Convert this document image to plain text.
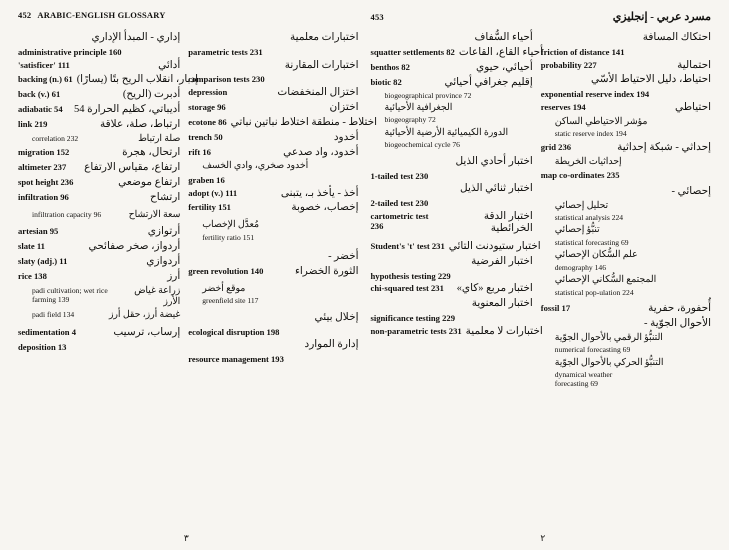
452 ARABIC-ENGLISH GLOSSARY
إداري - المبدأ الإداري
administrative principle 160
'satisficer' 111	أدائي
backing (n.) 61 إدبار، انقلاب الريح بتًا (يسارًا)
back (v.) 61	أدبرت (الريح)
adiabatic 54	أديباتي، كظيم الحرارة 54
link 219	ارتباط، صلة، علاقة
correlation 232	صلة ارتباط
migration 152	ارتحال، هجرة
altimeter 237	ارتفاع، مقياس الارتفاع
spot height 236	ارتفاع موضعي
infiltration 96	ارتشاح
infiltration capacity 96	سعة الارتشاح
artesian 95	أرتوازي
slate 11	أردواز، صخر صفائحي
slaty (adj.) 11	أردوازي
rice 138	أرز
padi cultivation; wet rice farming 139
زراعة غياض الأرز
padi field 134	غيضة أرز، حقل أرز
sedimentation 4	إرساب، ترسيب
deposition 13
اختبارات معلمية
parametric tests 231
اختبارات المقارنة
comparison tests 230
depression	اختزال المنخفضات
storage 96	اختزان
ecotone 86 اختلاط - منطقة اختلاط نباتين نباتي
trench 50	أخدود
rift 16	أخدود، واد صدعي
أخدود صخري، وادي الخسف
graben 16
adopt (v.) 111	أخذ - يأخذ بـ، يتبنى
fertility 151	إخصاب، خصوبة
مُعدَّل الإخصاب
fertility ratio 151
أخضر -
green revolution 140	الثورة الخضراء
موقع أخضر
greenfield site 117
إخلال بيئي
ecological disruption 198
إدارة الموارد
resource management 193
453	مسرد عربي - إنجليزي
أحياء السُّفاف
squatter settlements 82 أحياء القاع، القاعات
benthos 82	أحيائي، حيوي
biotic 82	إقليم جغرافي أحيائي
biogeographical province 72
الجغرافية الأحيائية
biogeography 72
الدورة الكيميائية الأرضية الأحيائية
biogeochemical cycle 76
اختبار أحادي الذيل
1-tailed test 230
اختبار ثنائي الذيل
2-tailed test 230
cartometric test 236
اختبار الدقة الخرائطية
Student's 't' test 231 اختبار ستيودنت التائي
اختبار الفرضية
hypothesis testing 229
chi-squared test 231	اختبار مربع «كاي»
اختبار المعنوية
significance testing 229
non-parametric tests 231 اختبارات لا معلمية
احتكاك المسافة
friction of distance 141
probability 227	احتمالية
احتياط، دليل الاحتياط الأسّي
exponential reserve index 194
reserves 194	احتياطي
مؤشر الاحتياطي الساكن
static reserve index 194
grid 236	إحداثي - شبكة إحداثية
إحداثيات الخريطة
map co-ordinates 235
إحصائي -
تحليل إحصائي
statistical analysis 224
تنبُّؤ إحصائي
statistical forecasting 69
علم السُّكان الإحصائي
demography 146
المجتمع السُّكاني الإحصائي
statistical pop-ulation 224
fossil 17	أُحفورة، حفرية
الأحوال الجوّية -
التنبُّؤ الرقمي بالأحوال الجوّية
numerical forecasting 69
التنبُّؤ الحركي بالأحوال الجوّية
dynamical weather forecasting 69
٣	٢
